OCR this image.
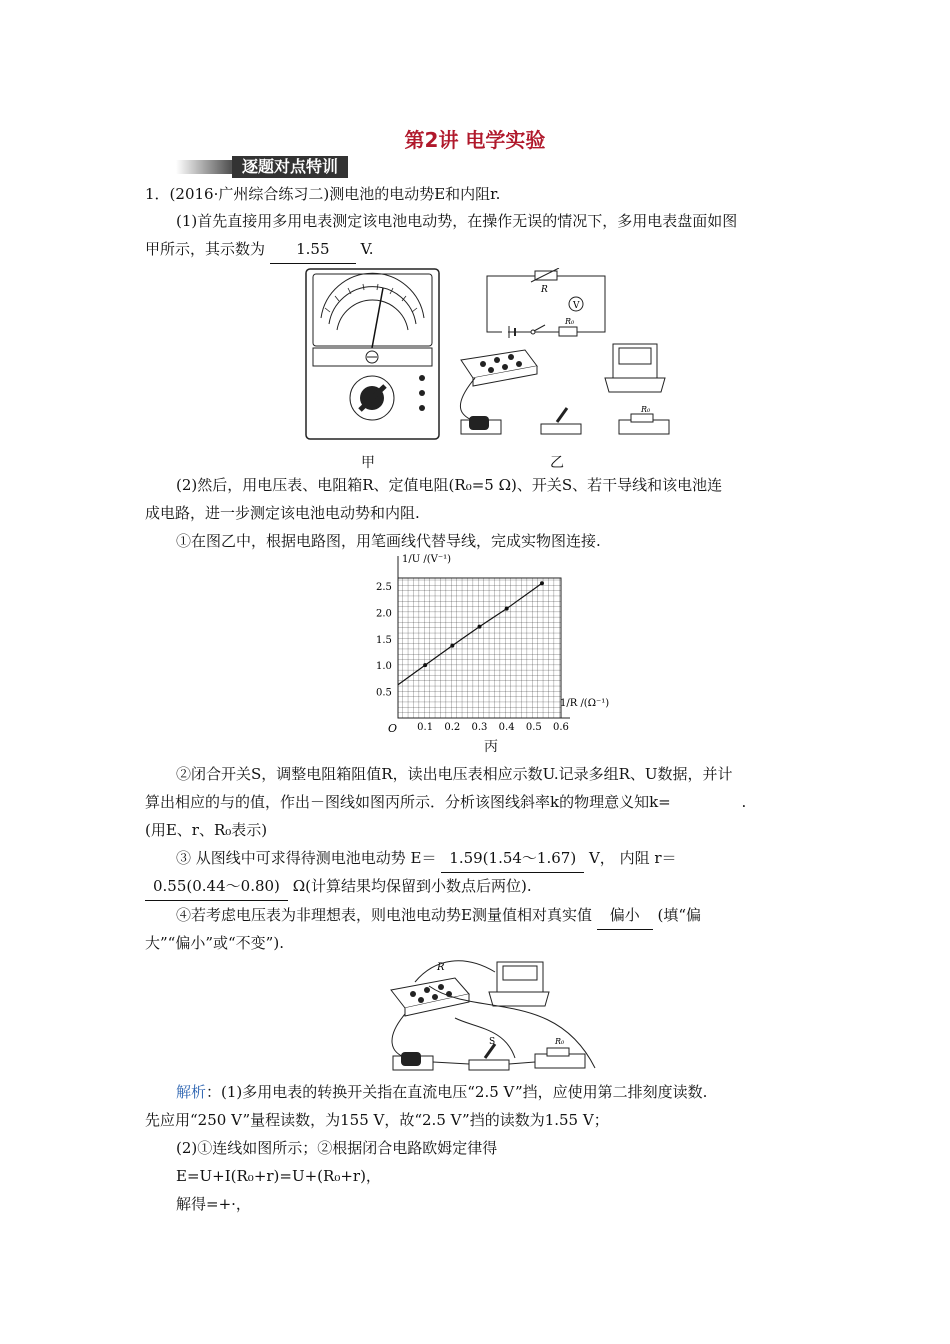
第2讲 电学实验
逐题对点特训
1．(2016·广州综合练习二)测电池的电动势E和内阻r.
(1)首先直接用多用电表测定该电池电动势，在操作无误的情况下，多用电表盘面如图
甲所示，其示数为 1.55 V.
甲
R
V
R₀
R₀
乙
(2)然后，用电压表、电阻箱R、定值电阻(R₀=5 Ω)、开关S、若干导线和该电池连
成电路，进一步测定该电池电动势和内阻.
①在图乙中，根据电路图，用笔画线代替导线，完成实物图连接.
0.1 0.2 0.3 0.4 0.5 0.6
0.5
1.0
1.5
2.0
2.5
1/U /(V⁻¹)
1/R /(Ω⁻¹)
O
丙
②闭合开关S，调整电阻箱阻值R，读出电压表相应示数U.记录多组R、U数据，并计
算出相应的与的值，作出－图线如图丙所示．分析该图线斜率k的物理意义知k=	.
(用E、r、R₀表示)
③ 从图线中可求得待测电池电动势 E＝ 1.59(1.54～1.67) V， 内阻 r＝
0.55(0.44～0.80) Ω(计算结果均保留到小数点后两位).
④若考虑电压表为非理想表，则电池电动势E测量值相对真实值 偏小 (填“偏
大”“偏小”或“不变”).
R
S	R₀
解析：(1)多用电表的转换开关指在直流电压“2.5 V”挡，应使用第二排刻度读数.
先应用“250 V”量程读数，为155 V，故“2.5 V”挡的读数为1.55 V；
(2)①连线如图所示；②根据闭合电路欧姆定律得
E=U+I(R₀+r)=U+(R₀+r)，
解得=+·，
